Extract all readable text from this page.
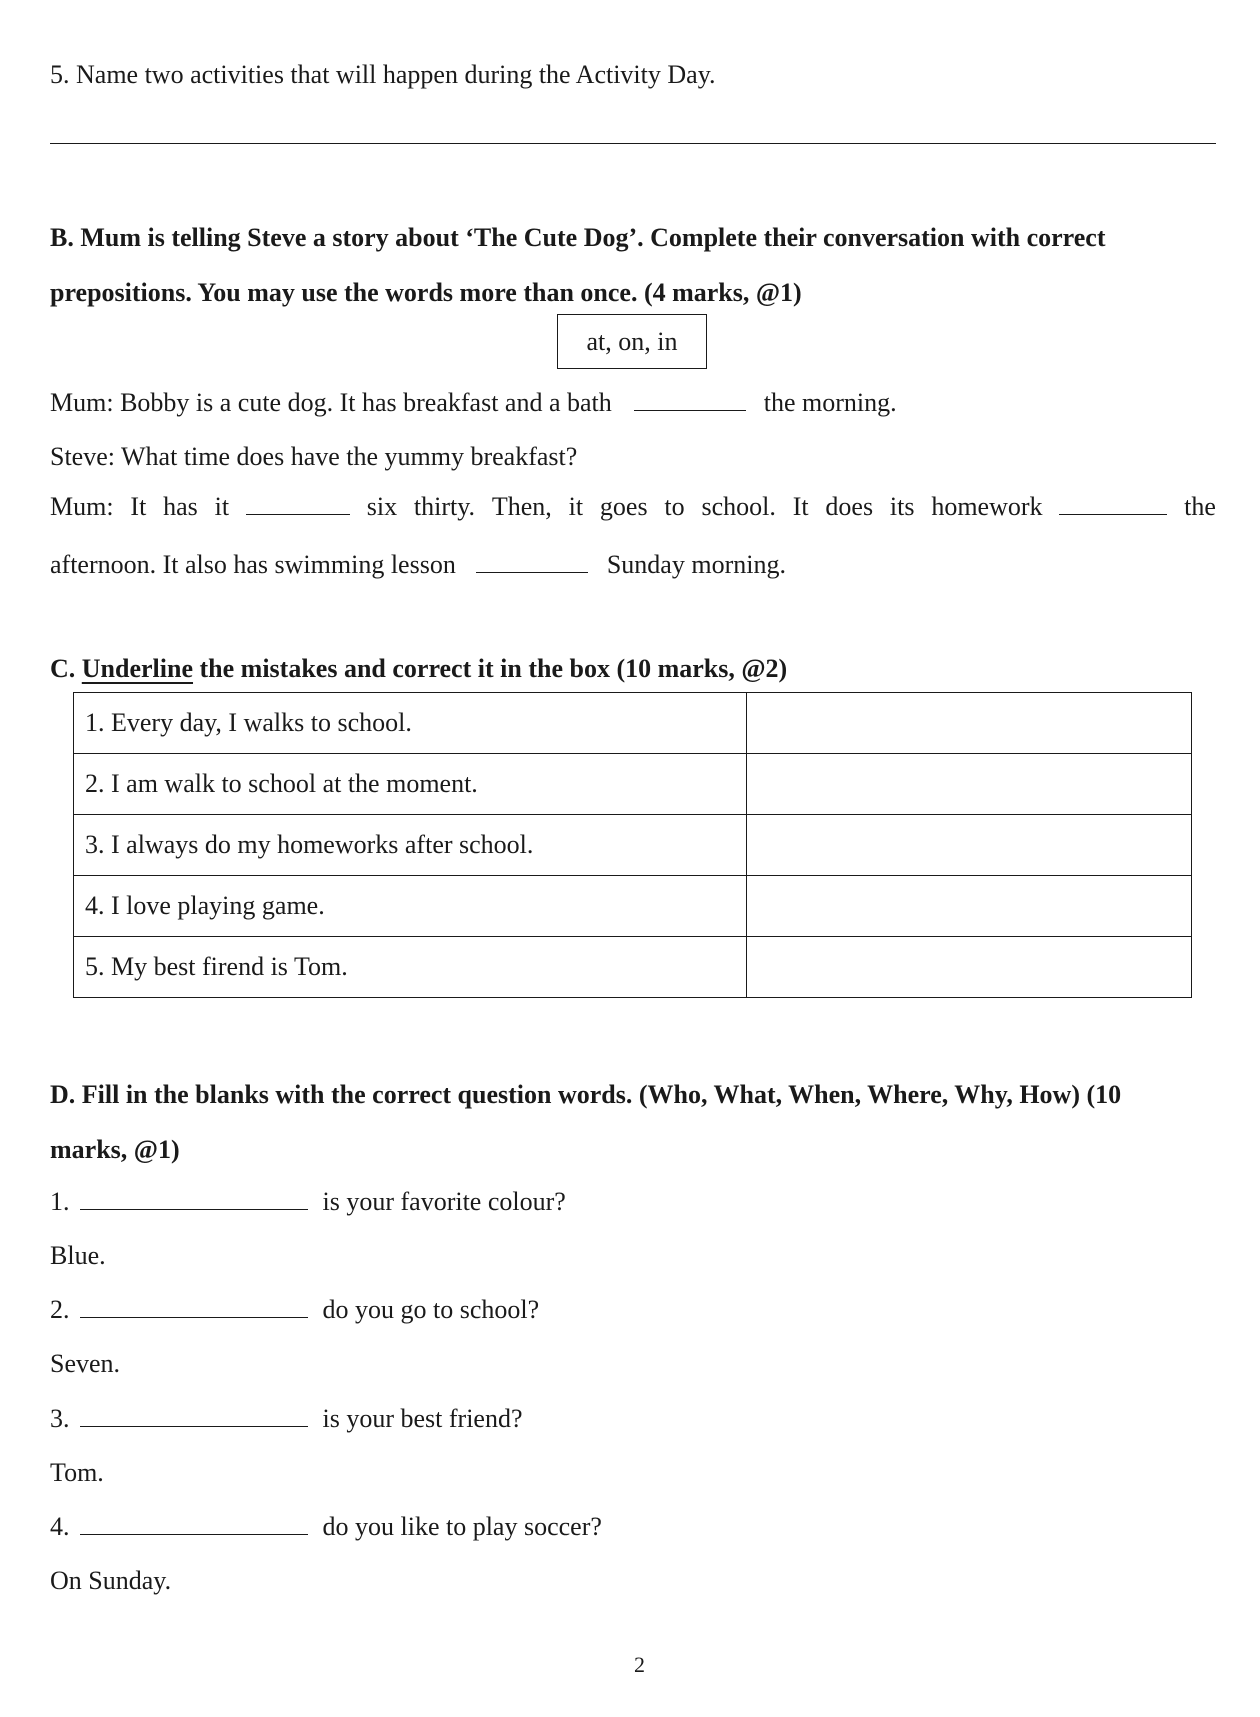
5. Name two activities that will happen during the Activity Day.
B. Mum is telling Steve a story about ‘The Cute Dog’. Complete their conversation with correct
prepositions. You may use the words more than once. (4 marks, @1)
at, on, in
Mum: Bobby is a cute dog. It has breakfast and a bath	the morning.
Steve: What time does have the yummy breakfast?
Mum: It has it	six thirty. Then, it goes to school. It does its homework	the
afternoon. It also has swimming lesson	Sunday morning.
C. Underline the mistakes and correct it in the box (10 marks, @2)
1. Every day, I walks to school.	
2. I am walk to school at the moment.	
3. I always do my homeworks after school.	
4. I love playing game.	
5. My best firend is Tom.	
D. Fill in the blanks with the correct question words. (Who, What, When, Where, Why, How) (10
marks, @1)
1.	is your favorite colour?
Blue.
2.	do you go to school?
Seven.
3.	is your best friend?
Tom.
4.	do you like to play soccer?
On Sunday.
2
